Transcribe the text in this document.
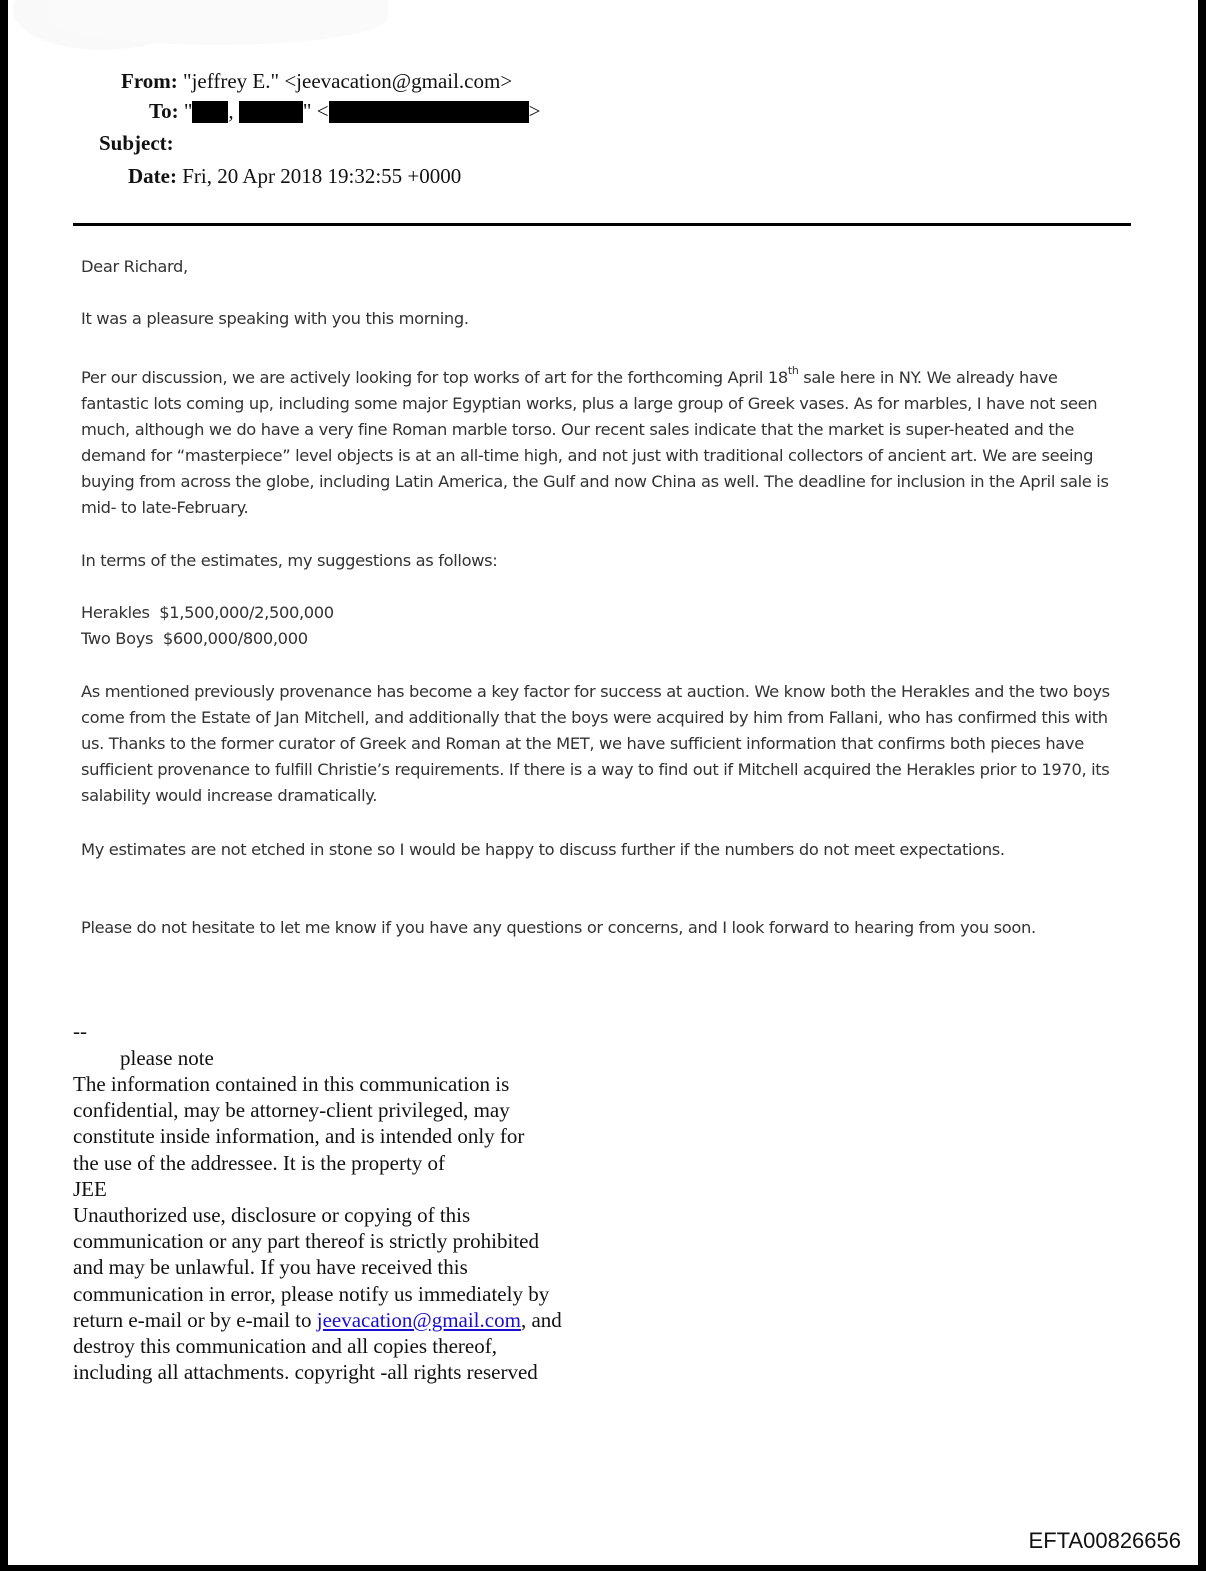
From: "jeffrey E." <jeevacation@gmail.com>
To: " ,	" <	>
Subject:
Date: Fri, 20 Apr 2018 19:32:55 +0000

Dear Richard,

It was a pleasure speaking with you this morning.

Per our discussion, we are actively looking for top works of art for the forthcoming April 18th sale here in NY. We already have fantastic lots coming up, including some major Egyptian works, plus a large group of Greek vases. As for marbles, I have not seen much, although we do have a very fine Roman marble torso. Our recent sales indicate that the market is super-heated and the demand for “masterpiece” level objects is at an all-time high, and not just with traditional collectors of ancient art. We are seeing buying from across the globe, including Latin America, the Gulf and now China as well. The deadline for inclusion in the April sale is mid- to late-February.

In terms of the estimates, my suggestions as follows:

Herakles $1,500,000/2,500,000

Two Boys $600,000/800,000

As mentioned previously provenance has become a key factor for success at auction. We know both the Herakles and the two boys come from the Estate of Jan Mitchell, and additionally that the boys were acquired by him from Fallani, who has confirmed this with us. Thanks to the former curator of Greek and Roman at the MET, we have sufficient information that confirms both pieces have sufficient provenance to fulfill Christie’s requirements. If there is a way to find out if Mitchell acquired the Herakles prior to 1970, its salability would increase dramatically.

My estimates are not etched in stone so I would be happy to discuss further if the numbers do not meet expectations.

Please do not hesitate to let me know if you have any questions or concerns, and I look forward to hearing from you soon.

--
please note
The information contained in this communication is
confidential, may be attorney-client privileged, may
constitute inside information, and is intended only for
the use of the addressee. It is the property of
JEE
Unauthorized use, disclosure or copying of this
communication or any part thereof is strictly prohibited
and may be unlawful. If you have received this
communication in error, please notify us immediately by
return e-mail or by e-mail to jeevacation@gmail.com, and
destroy this communication and all copies thereof,
including all attachments. copyright -all rights reserved
EFTA00826656
